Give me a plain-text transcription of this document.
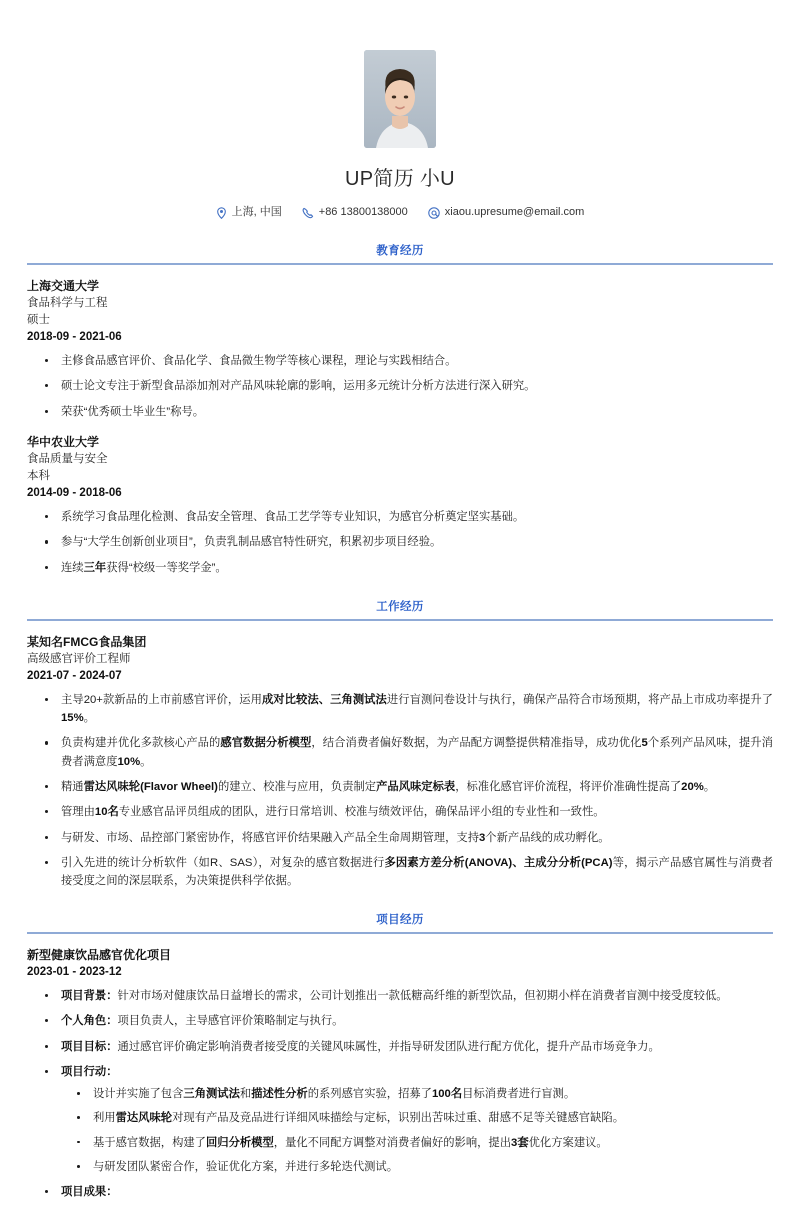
UP简历 小U
上海, 中国	+86 13800138000	xiaou.upresume@email.com
教育经历
上海交通大学
食品科学与工程
硕士
2018-09 - 2021-06
主修食品感官评价、食品化学、食品微生物学等核心课程，理论与实践相结合。
硕士论文专注于新型食品添加剂对产品风味轮廓的影响，运用多元统计分析方法进行深入研究。
荣获“优秀硕士毕业生”称号。
华中农业大学
食品质量与安全
本科
2014-09 - 2018-06
系统学习食品理化检测、食品安全管理、食品工艺学等专业知识，为感官分析奠定坚实基础。
参与“大学生创新创业项目”，负责乳制品感官特性研究，积累初步项目经验。
连续三年获得“校级一等奖学金”。
工作经历
某知名FMCG食品集团
高级感官评价工程师
2021-07 - 2024-07
主导20+款新品的上市前感官评价，运用成对比较法、三角测试法进行盲测问卷设计与执行，确保产品符合市场预期，将产品上市成功率提升了15%。
负责构建并优化多款核心产品的感官数据分析模型，结合消费者偏好数据，为产品配方调整提供精准指导，成功优化5个系列产品风味，提升消费者满意度10%。
精通雷达风味轮(Flavor Wheel)的建立、校准与应用，负责制定产品风味定标表，标准化感官评价流程，将评价准确性提高了20%。
管理由10名专业感官品评员组成的团队，进行日常培训、校准与绩效评估，确保品评小组的专业性和一致性。
与研发、市场、品控部门紧密协作，将感官评价结果融入产品全生命周期管理，支持3个新产品线的成功孵化。
引入先进的统计分析软件（如R、SAS），对复杂的感官数据进行多因素方差分析(ANOVA)、主成分分析(PCA)等，揭示产品感官属性与消费者接受度之间的深层联系，为决策提供科学依据。
项目经历
新型健康饮品感官优化项目
2023-01 - 2023-12
项目背景：针对市场对健康饮品日益增长的需求，公司计划推出一款低糖高纤维的新型饮品，但初期小样在消费者盲测中接受度较低。
个人角色：项目负责人，主导感官评价策略制定与执行。
项目目标：通过感官评价确定影响消费者接受度的关键风味属性，并指导研发团队进行配方优化，提升产品市场竞争力。
项目行动：
设计并实施了包含三角测试法和描述性分析的系列感官实验，招募了100名目标消费者进行盲测。
利用雷达风味轮对现有产品及竞品进行详细风味描绘与定标，识别出苦味过重、甜感不足等关键感官缺陷。
基于感官数据，构建了回归分析模型，量化不同配方调整对消费者偏好的影响，提出3套优化方案建议。
与研发团队紧密合作，验证优化方案，并进行多轮迭代测试。
项目成果：
